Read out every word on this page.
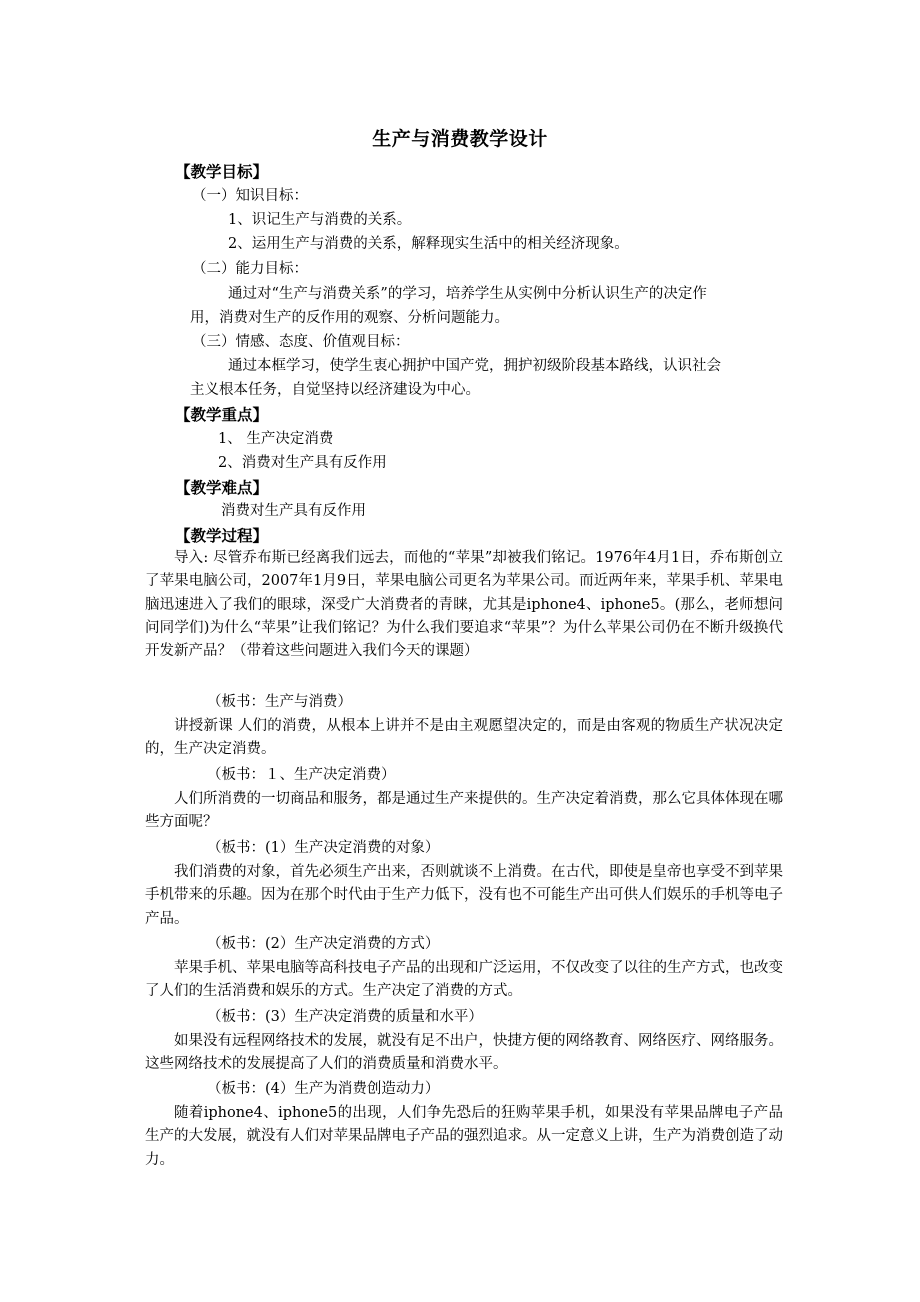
生产与消费教学设计
【教学目标】
（一）知识目标：
1、识记生产与消费的关系。
2、运用生产与消费的关系，解释现实生活中的相关经济现象。
（二）能力目标：
通过对“生产与消费关系”的学习，培养学生从实例中分析认识生产的决定作
用，消费对生产的反作用的观察、分析问题能力。
（三）情感、态度、价值观目标：
通过本框学习，使学生衷心拥护中国产党，拥护初级阶段基本路线，认识社会
主义根本任务，自觉坚持以经济建设为中心。
【教学重点】
1、 生产决定消费
2、消费对生产具有反作用
【教学难点】
消费对生产具有反作用
【教学过程】
导入: 尽管乔布斯已经离我们远去，而他的“苹果”却被我们铭记。1976年4月1日，乔布斯创立了苹果电脑公司，2007年1月9日，苹果电脑公司更名为苹果公司。而近两年来，苹果手机、苹果电脑迅速进入了我们的眼球，深受广大消费者的青睐，尤其是iphone4、iphone5。(那么，老师想问问同学们)为什么“苹果”让我们铭记？为什么我们要追求“苹果”？为什么苹果公司仍在不断升级换代开发新产品？（带着这些问题进入我们今天的课题）
（板书：生产与消费）
讲授新课 人们的消费，从根本上讲并不是由主观愿望决定的，而是由客观的物质生产状况决定的，生产决定消费。
（板书：１、生产决定消费）
人们所消费的一切商品和服务，都是通过生产来提供的。生产决定着消费，那么它具体体现在哪些方面呢？
（板书：(1）生产决定消费的对象）
我们消费的对象，首先必须生产出来，否则就谈不上消费。在古代，即使是皇帝也享受不到苹果手机带来的乐趣。因为在那个时代由于生产力低下，没有也不可能生产出可供人们娱乐的手机等电子产品。
（板书：(2）生产决定消费的方式）
苹果手机、苹果电脑等高科技电子产品的出现和广泛运用，不仅改变了以往的生产方式，也改变了人们的生活消费和娱乐的方式。生产决定了消费的方式。
（板书：(3）生产决定消费的质量和水平）
如果没有远程网络技术的发展，就没有足不出户，快捷方便的网络教育、网络医疗、网络服务。这些网络技术的发展提高了人们的消费质量和消费水平。
（板书：(4）生产为消费创造动力）
随着iphone4、iphone5的出现，人们争先恐后的狂购苹果手机，如果没有苹果品牌电子产品生产的大发展，就没有人们对苹果品牌电子产品的强烈追求。从一定意义上讲，生产为消费创造了动力。
